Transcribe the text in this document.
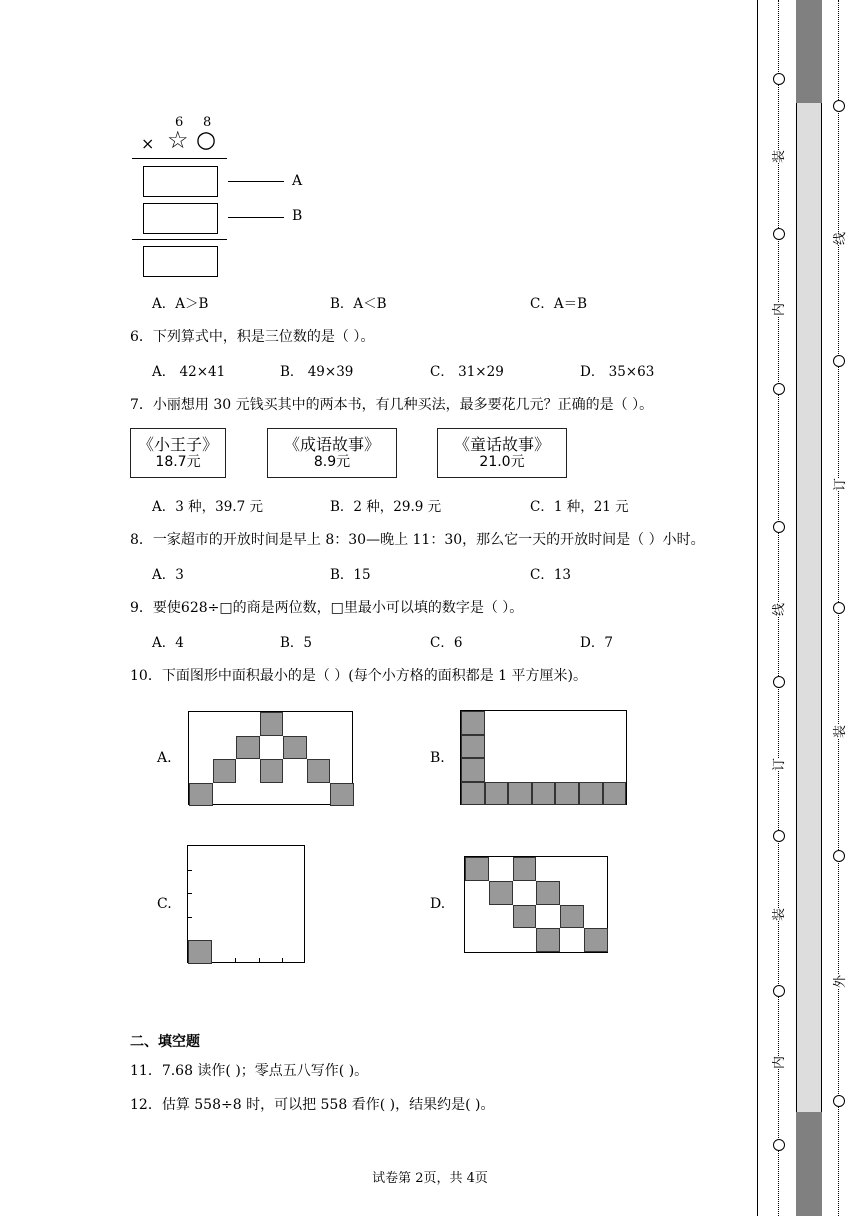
6 8
× ☆ ○
A
B
A．A＞B	B．A＜B	C．A＝B
6．下列算式中，积是三位数的是（ ）。
A． 42×41	B． 49×39	C． 31×29	D． 35×63
7．小丽想用 30 元钱买其中的两本书，有几种买法，最多要花几元？正确的是（ ）。
《小王子》
18.7元
《成语故事》
8.9元
《童话故事》
21.0元
A．3 种，39.7 元	B．2 种，29.9 元	C．1 种，21 元
8．一家超市的开放时间是早上 8：30—晚上 11：30，那么它一天的开放时间是（ ）小时。
A．3	B．15	C．13
9．要使628÷□的商是两位数，□里最小可以填的数字是（ ）。
A．4	B．5	C．6	D．7
10．下面图形中面积最小的是（ ）(每个小方格的面积都是 1 平方厘米)。
A.	B.
C.	D.
二、填空题
11．7.68 读作( )；零点五八写作( )。
12．估算 558÷8 时，可以把 558 看作( )，结果约是( )。
试卷第 2页，共 4页
装
内
线
订
装
内
线
订
装
外
